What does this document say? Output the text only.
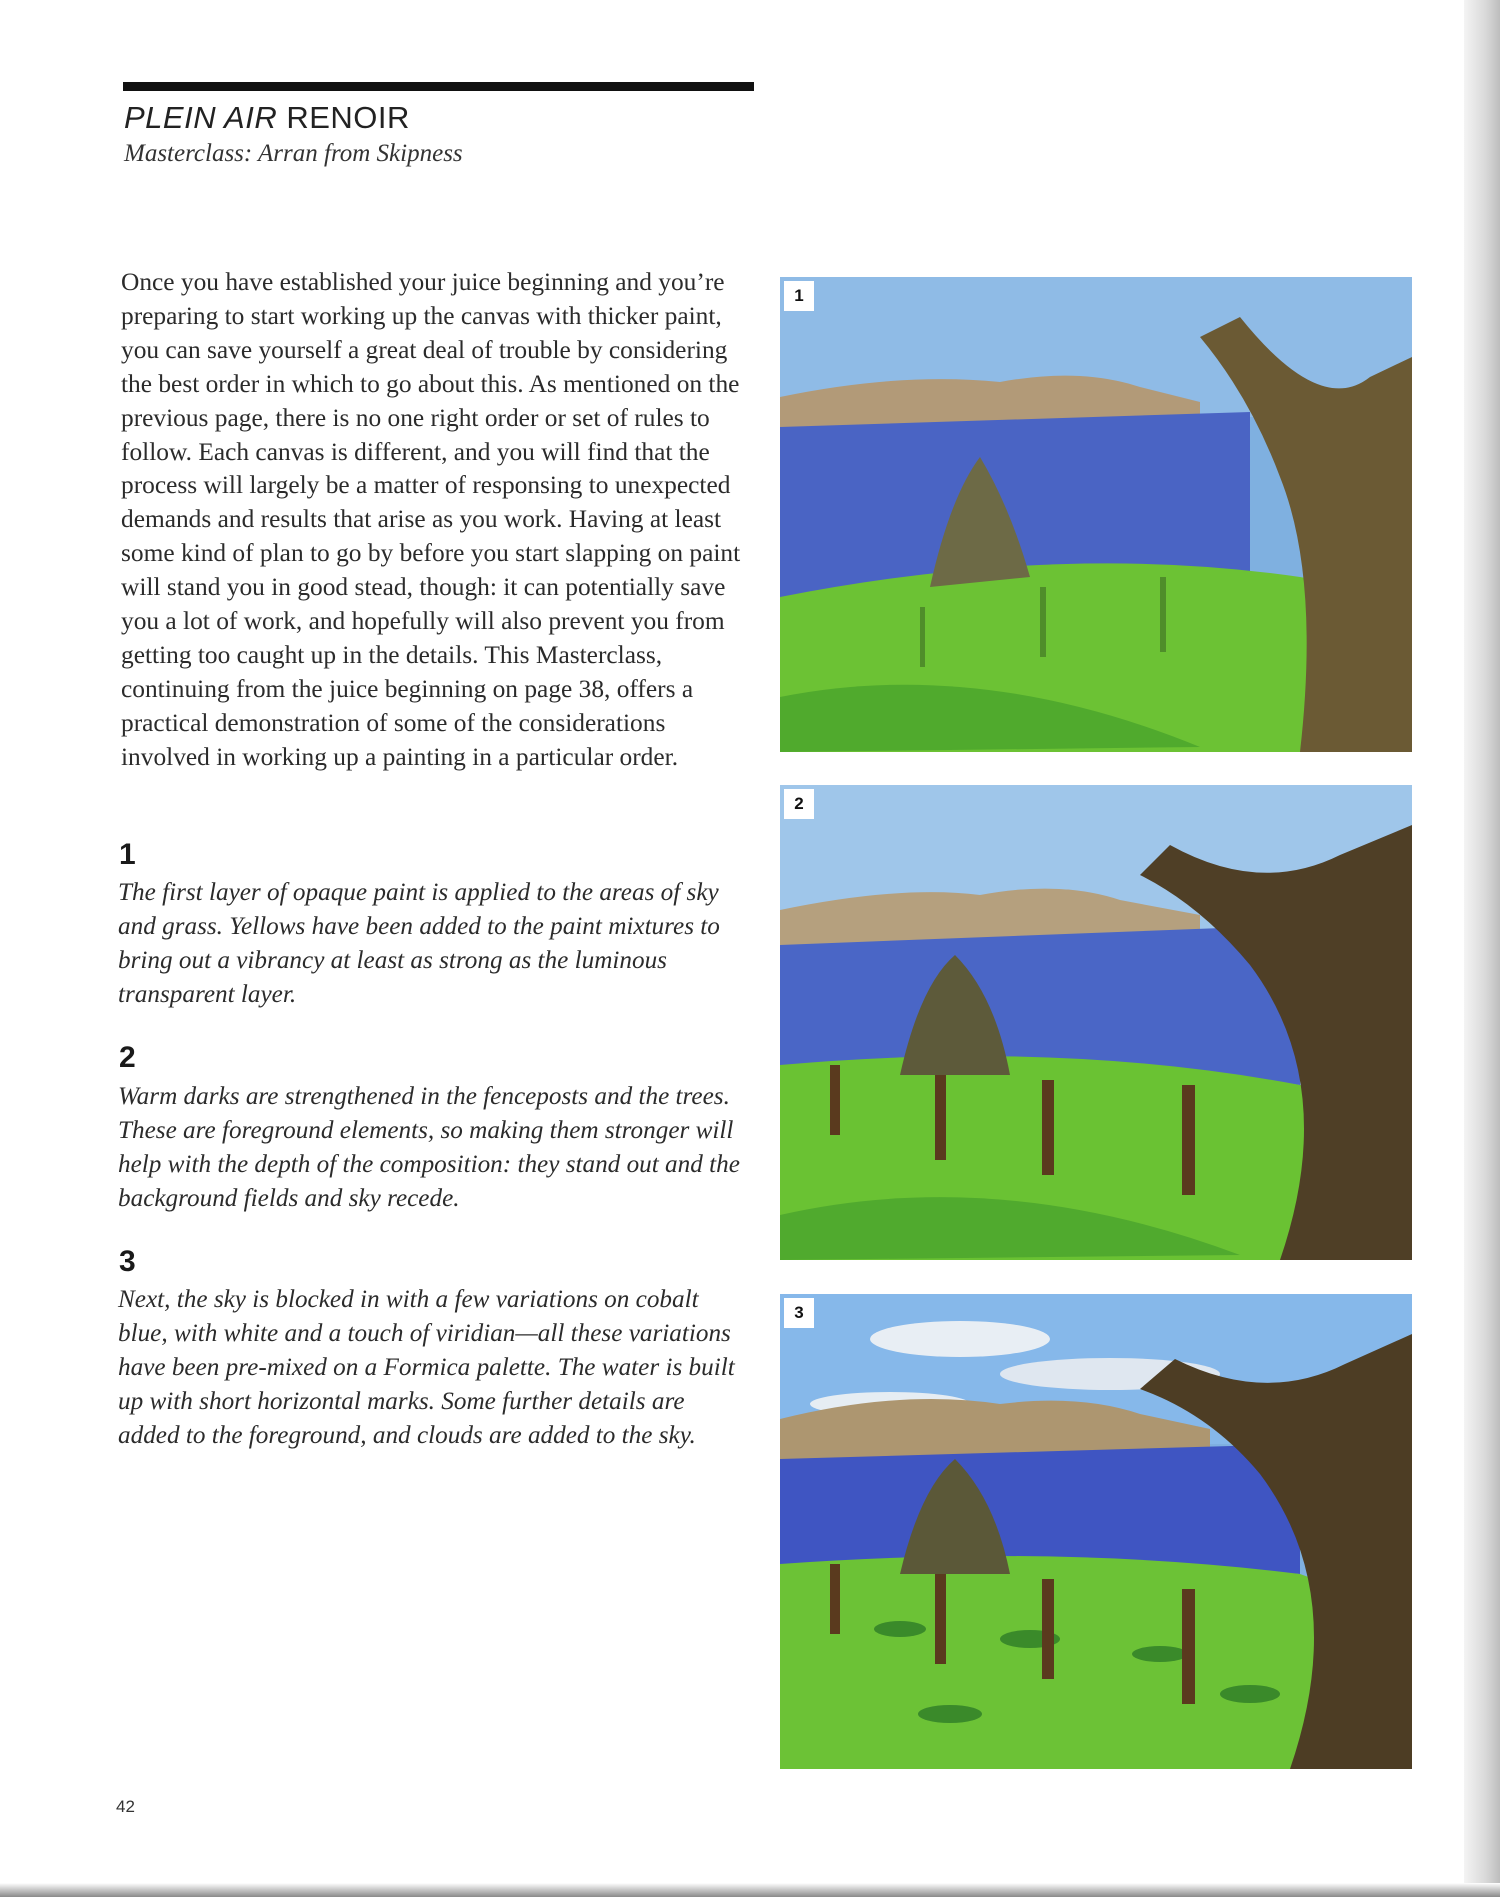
PLEIN AIR RENOIR
Masterclass: Arran from Skipness

Once you have established your juice beginning and you’re preparing to start working up the canvas with thicker paint, you can save yourself a great deal of trouble by considering the best order in which to go about this. As mentioned on the previous page, there is no one right order or set of rules to follow. Each canvas is different, and you will find that the process will largely be a matter of responsing to unexpected demands and results that arise as you work. Having at least some kind of plan to go by before you start slapping on paint will stand you in good stead, though: it can potentially save you a lot of work, and hopefully will also prevent you from getting too caught up in the details. This Masterclass, continuing from the juice beginning on page 38, offers a practical demonstration of some of the considerations involved in working up a painting in a particular order.

1

The first layer of opaque paint is applied to the areas of sky and grass. Yellows have been added to the paint mixtures to bring out a vibrancy at least as strong as the luminous transparent layer.

2

Warm darks are strengthened in the fenceposts and the trees. These are foreground elements, so making them stronger will help with the depth of the composition: they stand out and the background fields and sky recede.

3

Next, the sky is blocked in with a few variations on cobalt blue, with white and a touch of viridian—all these variations have been pre-mixed on a Formica palette. The water is built up with short horizontal marks. Some further details are added to the foreground, and clouds are added to the sky.

42
1
2
3
